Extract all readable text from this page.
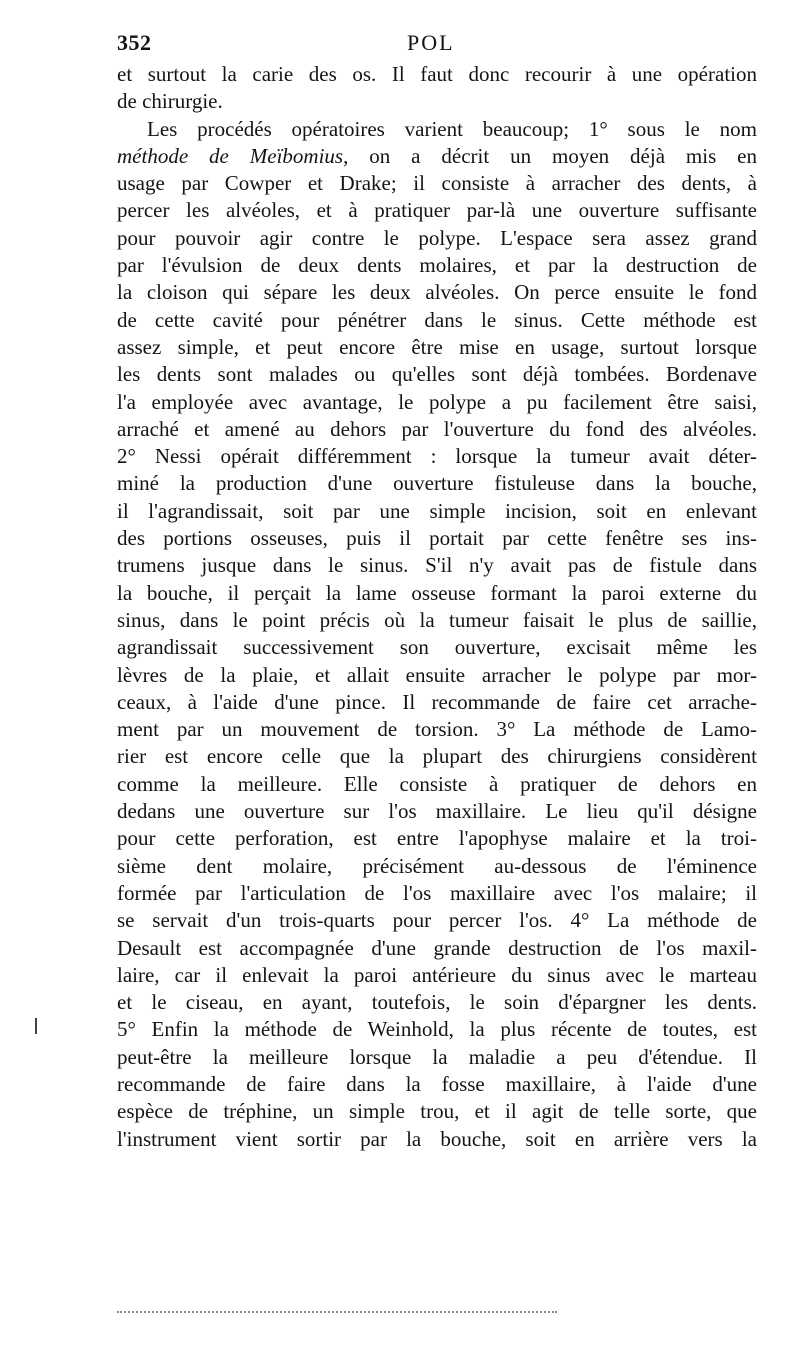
352	POL
et surtout la carie des os. Il faut donc recourir à une opération
de chirurgie.
Les procédés opératoires varient beaucoup; 1° sous le nom
méthode de Meïbomius, on a décrit un moyen déjà mis en
usage par Cowper et Drake; il consiste à arracher des dents, à
percer les alvéoles, et à pratiquer par-là une ouverture suffisante
pour pouvoir agir contre le polype. L'espace sera assez grand
par l'évulsion de deux dents molaires, et par la destruction de
la cloison qui sépare les deux alvéoles. On perce ensuite le fond
de cette cavité pour pénétrer dans le sinus. Cette méthode est
assez simple, et peut encore être mise en usage, surtout lorsque
les dents sont malades ou qu'elles sont déjà tombées. Bordenave
l'a employée avec avantage, le polype a pu facilement être saisi,
arraché et amené au dehors par l'ouverture du fond des alvéoles.
2° Nessi opérait différemment : lorsque la tumeur avait déter-
miné la production d'une ouverture fistuleuse dans la bouche,
il l'agrandissait, soit par une simple incision, soit en enlevant
des portions osseuses, puis il portait par cette fenêtre ses ins-
trumens jusque dans le sinus. S'il n'y avait pas de fistule dans
la bouche, il perçait la lame osseuse formant la paroi externe du
sinus, dans le point précis où la tumeur faisait le plus de saillie,
agrandissait successivement son ouverture, excisait même les
lèvres de la plaie, et allait ensuite arracher le polype par mor-
ceaux, à l'aide d'une pince. Il recommande de faire cet arrache-
ment par un mouvement de torsion. 3° La méthode de Lamo-
rier est encore celle que la plupart des chirurgiens considèrent
comme la meilleure. Elle consiste à pratiquer de dehors en
dedans une ouverture sur l'os maxillaire. Le lieu qu'il désigne
pour cette perforation, est entre l'apophyse malaire et la troi-
sième dent molaire, précisément au-dessous de l'éminence
formée par l'articulation de l'os maxillaire avec l'os malaire; il
se servait d'un trois-quarts pour percer l'os. 4° La méthode de
Desault est accompagnée d'une grande destruction de l'os maxil-
laire, car il enlevait la paroi antérieure du sinus avec le marteau
et le ciseau, en ayant, toutefois, le soin d'épargner les dents.
5° Enfin la méthode de Weinhold, la plus récente de toutes, est
peut-être la meilleure lorsque la maladie a peu d'étendue. Il
recommande de faire dans la fosse maxillaire, à l'aide d'une
espèce de tréphine, un simple trou, et il agit de telle sorte, que
l'instrument vient sortir par la bouche, soit en arrière vers la
